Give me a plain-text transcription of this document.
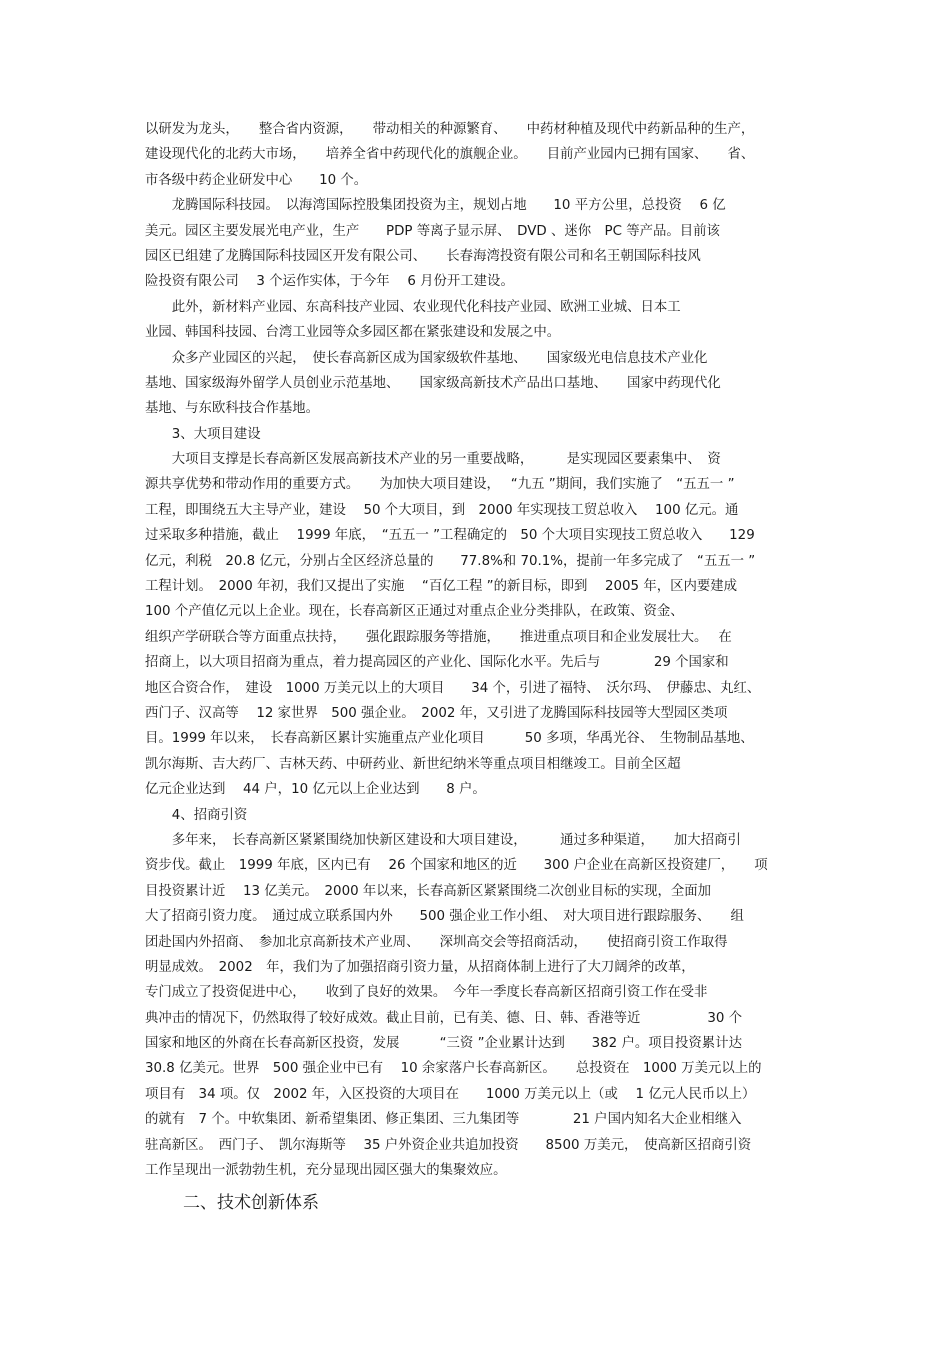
以研发为龙头，　　整合省内资源，　　带动相关的种源繁育、　　中药材种植及现代中药新品种的生产，
建设现代化的北药大市场，　　培养全省中药现代化的旗舰企业。　　目前产业园内已拥有国家、　　省、
市各级中药企业研发中心　　10 个。
　　龙腾国际科技园。　以海湾国际控股集团投资为主，规划占地　　10 平方公里，总投资　 6 亿
美元。园区主要发展光电产业，生产　　PDP 等离子显示屏、　DVD 、迷你　PC 等产品。目前该
园区已组建了龙腾国际科技园区开发有限公司、　　长春海湾投资有限公司和名王朝国际科技风
险投资有限公司　 3 个运作实体，于今年　 6 月份开工建设。
　　此外，新材料产业园、东高科技产业园、农业现代化科技产业园、欧洲工业城、日本工
业园、韩国科技园、台湾工业园等众多园区都在紧张建设和发展之中。
　　众多产业园区的兴起，　使长春高新区成为国家级软件基地、　　国家级光电信息技术产业化
基地、国家级海外留学人员创业示范基地、　　国家级高新技术产品出口基地、　　国家中药现代化
基地、与东欧科技合作基地。
　　3、大项目建设
　　大项目支撑是长春高新区发展高新技术产业的另一重要战略，　　　是实现园区要素集中、　资
源共享优势和带动作用的重要方式。　　为加快大项目建设，　 “九五 ”期间，我们实施了　“五五一 ”
工程，即围绕五大主导产业，建设　 50 个大项目，到　2000 年实现技工贸总收入　 100 亿元。通
过采取多种措施，截止　 1999 年底，　“五五一 ”工程确定的　50 个大项目实现技工贸总收入　　129
亿元，利税　20.8 亿元，分别占全区经济总量的　　77.8%和 70.1%，提前一年多完成了　“五五一 ”
工程计划。　2000 年初，我们又提出了实施　 “百亿工程 ”的新目标，即到　 2005 年，区内要建成
100 个产值亿元以上企业。现在，长春高新区正通过对重点企业分类排队，在政策、资金、
组织产学研联合等方面重点扶持，　　强化跟踪服务等措施，　　推进重点项目和企业发展壮大。　 在
招商上，以大项目招商为重点，着力提高园区的产业化、国际化水平。先后与　　　　29 个国家和
地区合资合作，　建设　1000 万美元以上的大项目　　34 个，引进了福特、　沃尔玛、　伊藤忠、丸红、
西门子、汉高等　 12 家世界　500 强企业。　2002 年，又引进了龙腾国际科技园等大型园区类项
目。1999 年以来，　长春高新区累计实施重点产业化项目　　　50 多项，华禹光谷、　生物制品基地、
凯尔海斯、吉大药厂、吉林天药、中研药业、新世纪纳米等重点项目相继竣工。目前全区超
亿元企业达到　 44 户，10 亿元以上企业达到　　8 户。
　　4、招商引资
　　多年来，　长春高新区紧紧围绕加快新区建设和大项目建设，　　　通过多种渠道，　　加大招商引
资步伐。截止　1999 年底，区内已有　 26 个国家和地区的近　　300 户企业在高新区投资建厂，　　项
目投资累计近　 13 亿美元。　2000 年以来，长春高新区紧紧围绕二次创业目标的实现，全面加
大了招商引资力度。　通过成立联系国内外　　500 强企业工作小组、　对大项目进行跟踪服务、　　组
团赴国内外招商、　参加北京高新技术产业周、　　深圳高交会等招商活动，　　使招商引资工作取得
明显成效。　2002　年，我们为了加强招商引资力量，从招商体制上进行了大刀阔斧的改革，
专门成立了投资促进中心，　　收到了良好的效果。　今年一季度长春高新区招商引资工作在受非
典冲击的情况下，仍然取得了较好成效。截止目前，已有美、德、日、韩、香港等近　　　　　30 个
国家和地区的外商在长春高新区投资，发展　　　“三资 ”企业累计达到　　382 户。项目投资累计达
30.8 亿美元。世界　500 强企业中已有　 10 余家落户长春高新区。　　总投资在　1000 万美元以上的
项目有　34 项。仅　2002 年，入区投资的大项目在　　1000 万美元以上（或　 1 亿元人民币以上）
的就有　7 个。中软集团、新希望集团、修正集团、三九集团等　　　　21 户国内知名大企业相继入
驻高新区。　西门子、　凯尔海斯等　 35 户外资企业共追加投资　　8500 万美元，　使高新区招商引资
工作呈现出一派勃勃生机，充分显现出园区强大的集聚效应。
二、技术创新体系
